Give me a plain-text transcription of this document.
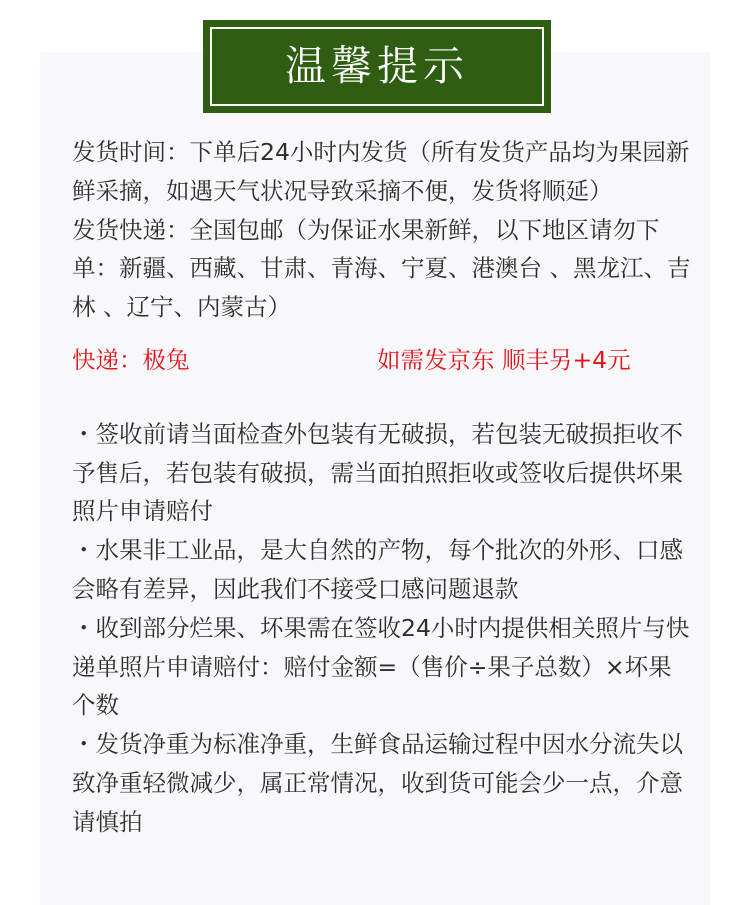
温馨提示

发货时间：下单后24小时内发货（所有发货产品均为果园新鲜采摘，如遇天气状况导致采摘不便，发货将顺延）

发货快递：全国包邮（为保证水果新鲜，以下地区请勿下单：新疆、西藏、甘肃、青海、宁夏、港澳台 、黑龙江、吉林 、辽宁、内蒙古）

快递：极兔	如需发京东 顺丰另+4元

・签收前请当面检查外包装有无破损，若包装无破损拒收不予售后，若包装有破损，需当面拍照拒收或签收后提供坏果照片申请赔付

・水果非工业品，是大自然的产物，每个批次的外形、口感会略有差异，因此我们不接受口感问题退款

・收到部分烂果、坏果需在签收24小时内提供相关照片与快递单照片申请赔付：赔付金额=（售价÷果子总数）×坏果个数

・发货净重为标准净重，生鲜食品运输过程中因水分流失以致净重轻微减少，属正常情况，收到货可能会少一点，介意请慎拍
